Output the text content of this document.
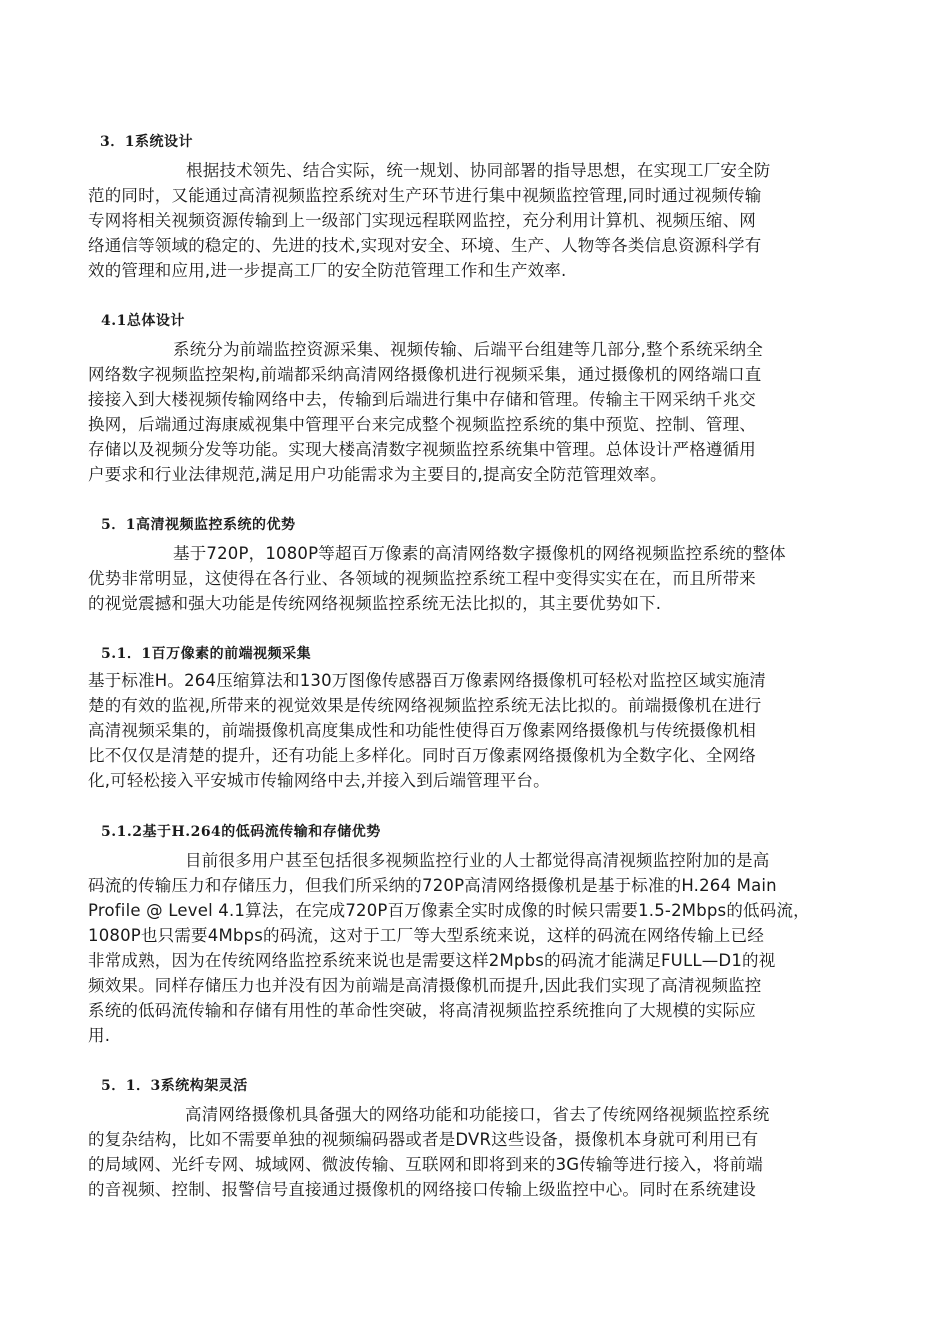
3．1系统设计
根据技术领先、结合实际，统一规划、协同部署的指导思想，在实现工厂安全防
范的同时，又能通过高清视频监控系统对生产环节进行集中视频监控管理,同时通过视频传输
专网将相关视频资源传输到上一级部门实现远程联网监控，充分利用计算机、视频压缩、网
络通信等领域的稳定的、先进的技术,实现对安全、环境、生产、人物等各类信息资源科学有
效的管理和应用,进一步提高工厂的安全防范管理工作和生产效率.
4.1总体设计
系统分为前端监控资源采集、视频传输、后端平台组建等几部分,整个系统采纳全
网络数字视频监控架构,前端都采纳高清网络摄像机进行视频采集，通过摄像机的网络端口直
接接入到大楼视频传输网络中去，传输到后端进行集中存储和管理。传输主干网采纳千兆交
换网，后端通过海康威视集中管理平台来完成整个视频监控系统的集中预览、控制、管理、
存储以及视频分发等功能。实现大楼高清数字视频监控系统集中管理。总体设计严格遵循用
户要求和行业法律规范,满足用户功能需求为主要目的,提高安全防范管理效率。
5．1高清视频监控系统的优势
基于720P，1080P等超百万像素的高清网络数字摄像机的网络视频监控系统的整体
优势非常明显，这使得在各行业、各领域的视频监控系统工程中变得实实在在，而且所带来
的视觉震撼和强大功能是传统网络视频监控系统无法比拟的，其主要优势如下.
5.1．1百万像素的前端视频采集
基于标准H。264压缩算法和130万图像传感器百万像素网络摄像机可轻松对监控区域实施清
楚的有效的监视,所带来的视觉效果是传统网络视频监控系统无法比拟的。前端摄像机在进行
高清视频采集的，前端摄像机高度集成性和功能性使得百万像素网络摄像机与传统摄像机相
比不仅仅是清楚的提升，还有功能上多样化。同时百万像素网络摄像机为全数字化、全网络
化,可轻松接入平安城市传输网络中去,并接入到后端管理平台。
5.1.2基于H.264的低码流传输和存储优势
目前很多用户甚至包括很多视频监控行业的人士都觉得高清视频监控附加的是高
码流的传输压力和存储压力，但我们所采纳的720P高清网络摄像机是基于标准的H.264 Main
Profile @ Level 4.1算法，在完成720P百万像素全实时成像的时候只需要1.5-2Mbps的低码流，
1080P也只需要4Mbps的码流，这对于工厂等大型系统来说，这样的码流在网络传输上已经
非常成熟，因为在传统网络监控系统来说也是需要这样2Mpbs的码流才能满足FULL—D1的视
频效果。同样存储压力也并没有因为前端是高清摄像机而提升,因此我们实现了高清视频监控
系统的低码流传输和存储有用性的革命性突破，将高清视频监控系统推向了大规模的实际应
用.
5．1．3系统构架灵活
高清网络摄像机具备强大的网络功能和功能接口，省去了传统网络视频监控系统
的复杂结构，比如不需要单独的视频编码器或者是DVR这些设备，摄像机本身就可利用已有
的局域网、光纤专网、城域网、微波传输、互联网和即将到来的3G传输等进行接入，将前端
的音视频、控制、报警信号直接通过摄像机的网络接口传输上级监控中心。同时在系统建设
